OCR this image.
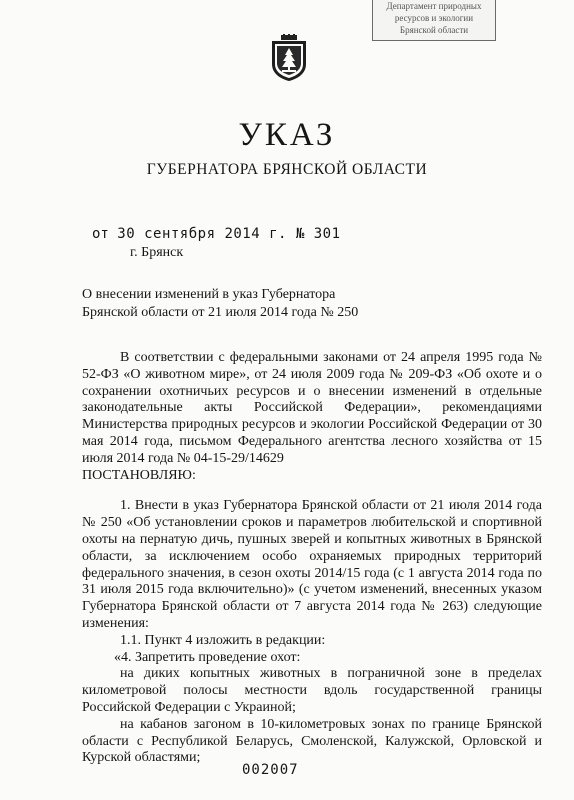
Департамент природных
ресурсов и экологии
Брянской области
УКАЗ
ГУБЕРНАТОРА БРЯНСКОЙ ОБЛАСТИ
от 30 сентября 2014 г. № 301
г. Брянск
О внесении изменений в указ Губернатора
Брянской области от 21 июля 2014 года № 250

В соответствии с федеральными законами от 24 апреля 1995 года № 52-ФЗ «О животном мире», от 24 июля 2009 года № 209-ФЗ «Об охоте и о сохранении охотничьих ресурсов и о внесении изменений в отдельные законодательные акты Российской Федерации», рекомендациями Министерства природных ресурсов и экологии Российской Федерации от 30 мая 2014 года, письмом Федерального агентства лесного хозяйства от 15 июля 2014 года № 04-15-29/14629

ПОСТАНОВЛЯЮ:

1. Внести в указ Губернатора Брянской области от 21 июля 2014 года № 250 «Об установлении сроков и параметров любительской и спортивной охоты на пернатую дичь, пушных зверей и копытных животных в Брянской области, за исключением особо охраняемых природных территорий федерального значения, в сезон охоты 2014/15 года (с 1 августа 2014 года по 31 июля 2015 года включительно)» (с учетом изменений, внесенных указом Губернатора Брянской области от 7 августа 2014 года № 263) следующие изменения:

1.1. Пункт 4 изложить в редакции:

«4. Запретить проведение охот:

на диких копытных животных в пограничной зоне в пределах километровой полосы местности вдоль государственной границы Российской Федерации с Украиной;

на кабанов загоном в 10-километровых зонах по границе Брянской области с Республикой Беларусь, Смоленской, Калужской, Орловской и Курской областями;

002007
